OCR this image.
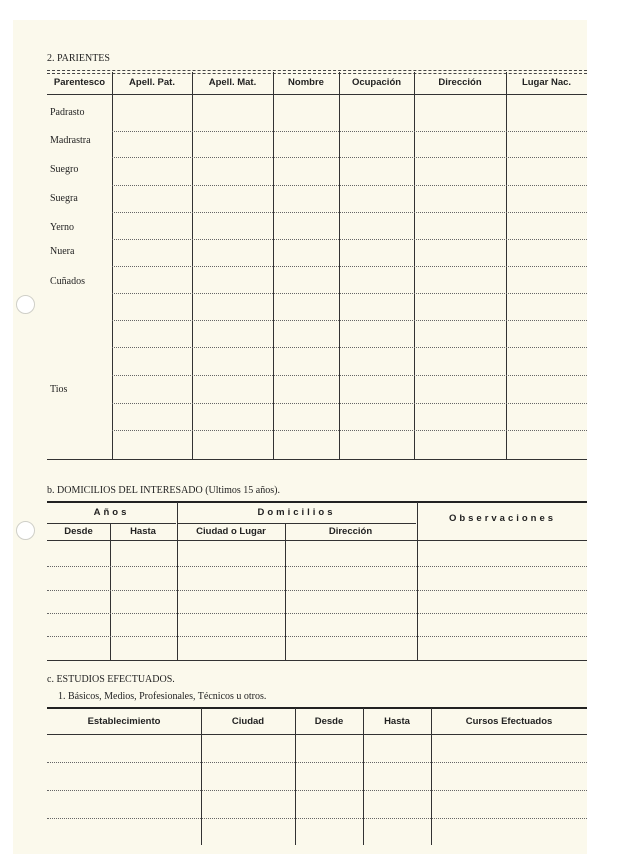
2. PARIENTES
Parentesco	Apell. Pat.	Apell. Mat.	Nombre	Ocupación	Dirección	Lugar Nac.
Padrasto
Madrastra
Suegro
Suegra
Yerno
Nuera
Cuñados
Tios
b. DOMICILIOS DEL INTERESADO (Ultimos 15 años).
Años	Domicilios
Observaciones
Desde	Hasta	Ciudad o Lugar	Dirección
c. ESTUDIOS EFECTUADOS.
1. Básicos, Medios, Profesionales, Técnicos u otros.
Establecimiento	Ciudad	Desde	Hasta	Cursos Efectuados
